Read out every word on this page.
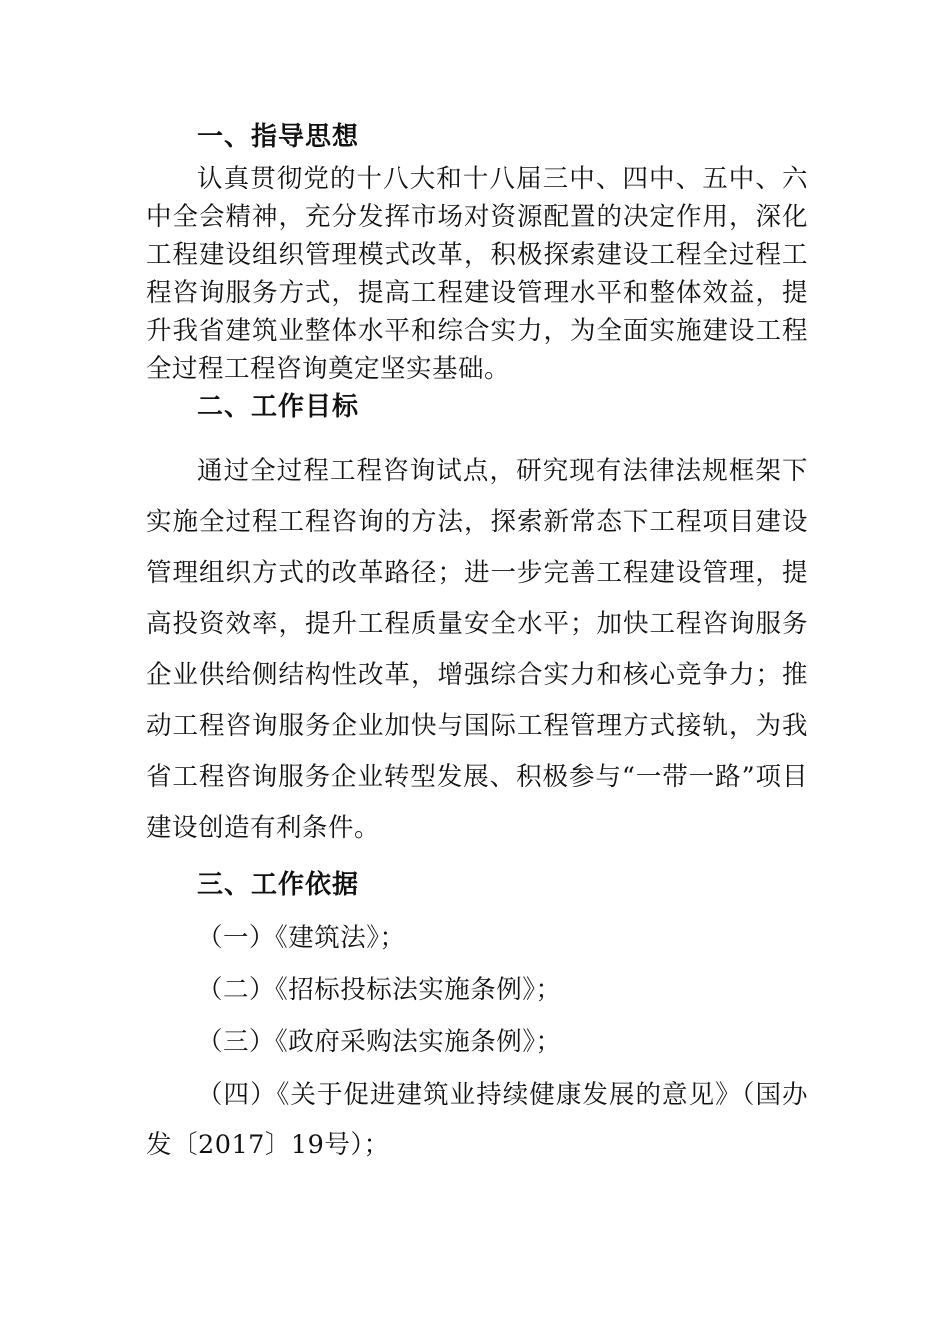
一、指导思想
认真贯彻党的十八大和十八届三中、四中、五中、六中全会精神，充分发挥市场对资源配置的决定作用，深化工程建设组织管理模式改革，积极探索建设工程全过程工程咨询服务方式，提高工程建设管理水平和整体效益，提升我省建筑业整体水平和综合实力，为全面实施建设工程全过程工程咨询奠定坚实基础。
二、工作目标
通过全过程工程咨询试点，研究现有法律法规框架下实施全过程工程咨询的方法，探索新常态下工程项目建设管理组织方式的改革路径；进一步完善工程建设管理，提高投资效率，提升工程质量安全水平；加快工程咨询服务企业供给侧结构性改革，增强综合实力和核心竞争力；推动工程咨询服务企业加快与国际工程管理方式接轨，为我省工程咨询服务企业转型发展、积极参与“一带一路”项目建设创造有利条件。
三、工作依据
（一）《建筑法》；
（二）《招标投标法实施条例》；
（三）《政府采购法实施条例》；
（四）《关于促进建筑业持续健康发展的意见》（国办发〔2017〕19号）；
